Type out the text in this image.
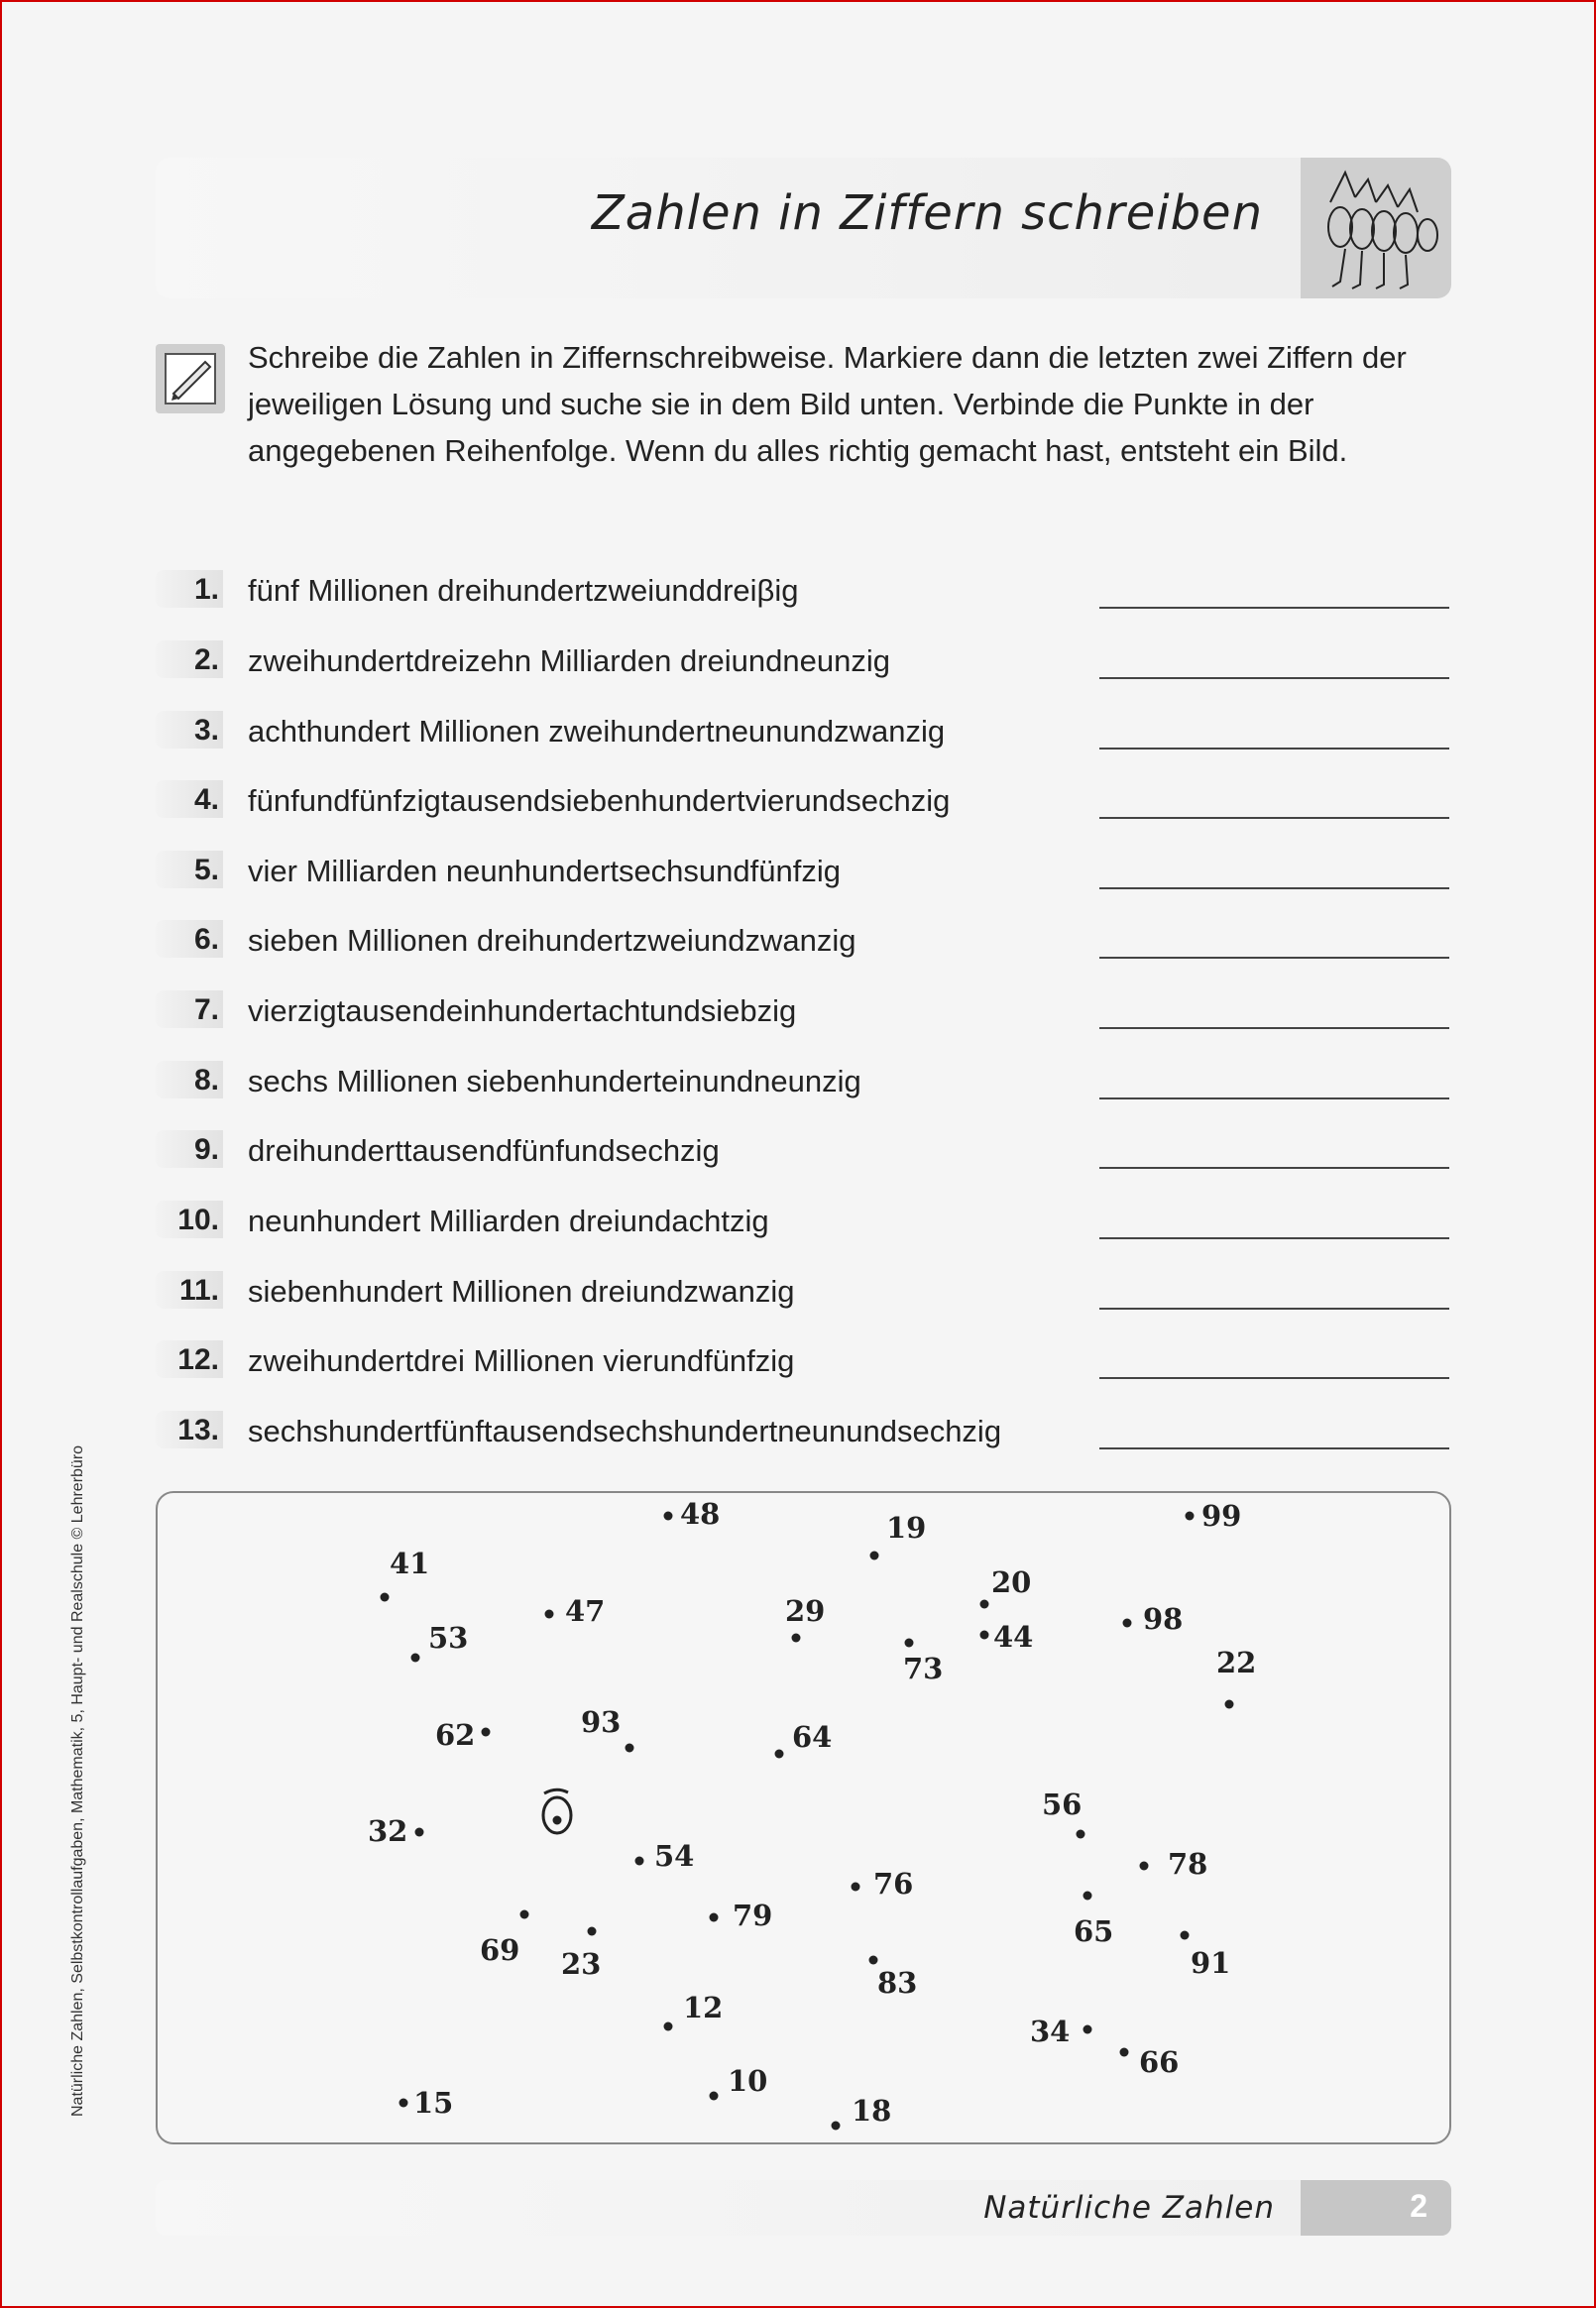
Zahlen in Ziffern schreiben
Schreibe die Zahlen in Ziffernschreibweise. Markiere dann die letzten zwei Ziffern der jeweiligen Lösung und suche sie in dem Bild unten. Verbinde die Punkte in der angegebenen Reihenfolge. Wenn du alles richtig gemacht hast, entsteht ein Bild.
1. fünf Millionen dreihundertzweiunddreiβig
2. zweihundertdreizehn Milliarden dreiundneunzig
3. achthundert Millionen zweihundertneunundzwanzig
4. fünfundfünfzigtausendsiebenhundertvierundsechzig
5. vier Milliarden neunhundertsechsundfünfzig
6. sieben Millionen dreihundertzweiundzwanzig
7. vierzigtausendeinhundertachtundsiebzig
8. sechs Millionen siebenhunderteinundneunzig
9. dreihunderttausendfünfundsechzig
10. neunhundert Milliarden dreiundachtzig
11. siebenhundert Millionen dreiundzwanzig
12. zweihundertdrei Millionen vierundfünfzig
13. sechshundertfünftausendsechshundertneunundsechzig
48	19	99
41
47	29
20
98
53	44
73	22
62	93	64
32
56
54	78
76
79	65
69 23	91
83
12
34
66
10
15	18
Natürliche Zahlen	2
Natürliche Zahlen, Selbstkontrollaufgaben, Mathematik, 5, Haupt- und Realschule © Lehrerbüro
